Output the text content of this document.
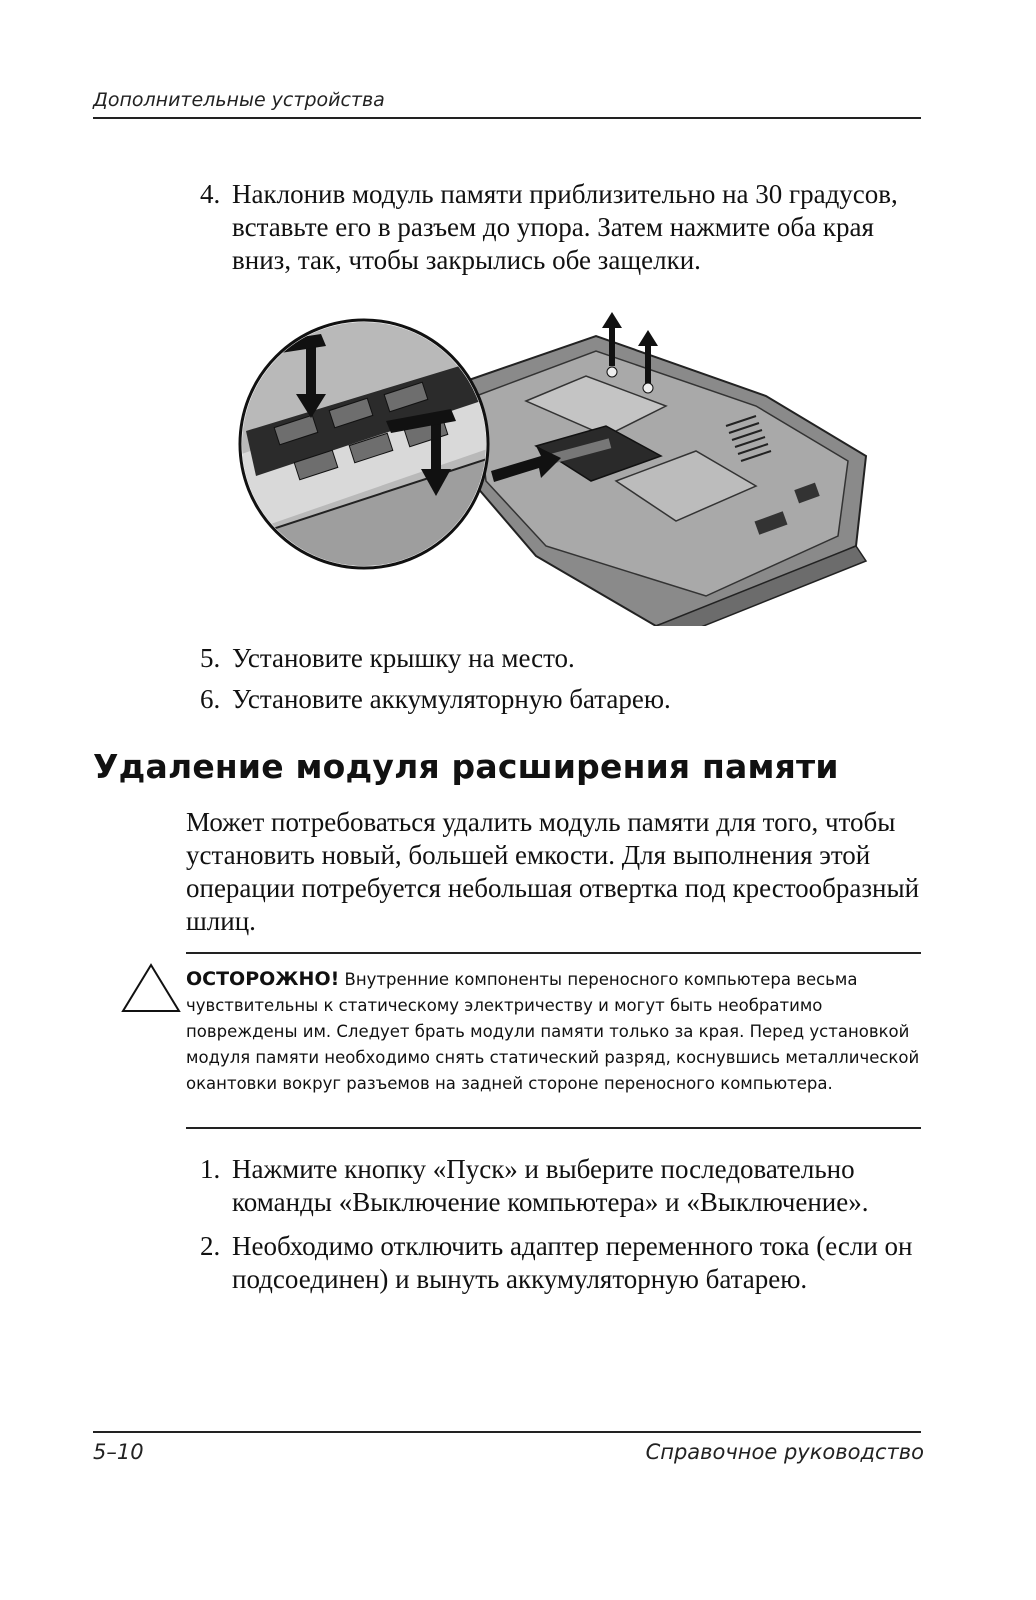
Дополнительные устройства
4. Наклонив модуль памяти приблизительно на 30 градусов, вставьте его в разъем до упора. Затем нажмите оба края вниз, так, чтобы закрылись обе защелки.
5. Установите крышку на место.
6. Установите аккумуляторную батарею.
Удаление модуля расширения памяти
Может потребоваться удалить модуль памяти для того, чтобы установить новый, большей емкости. Для выполнения этой операции потребуется небольшая отвертка под крестообразный шлиц.
ОСТОРОЖНО! Внутренние компоненты переносного компьютера весьма чувствительны к статическому электричеству и могут быть необратимо повреждены им. Следует брать модули памяти только за края. Перед установкой модуля памяти необходимо снять статический разряд, коснувшись металлической окантовки вокруг разъемов на задней стороне переносного компьютера.
1. Нажмите кнопку «Пуск» и выберите последовательно команды «Выключение компьютера» и «Выключение».
2. Необходимо отключить адаптер переменного тока (если он подсоединен) и вынуть аккумуляторную батарею.
5–10	Справочное руководство
